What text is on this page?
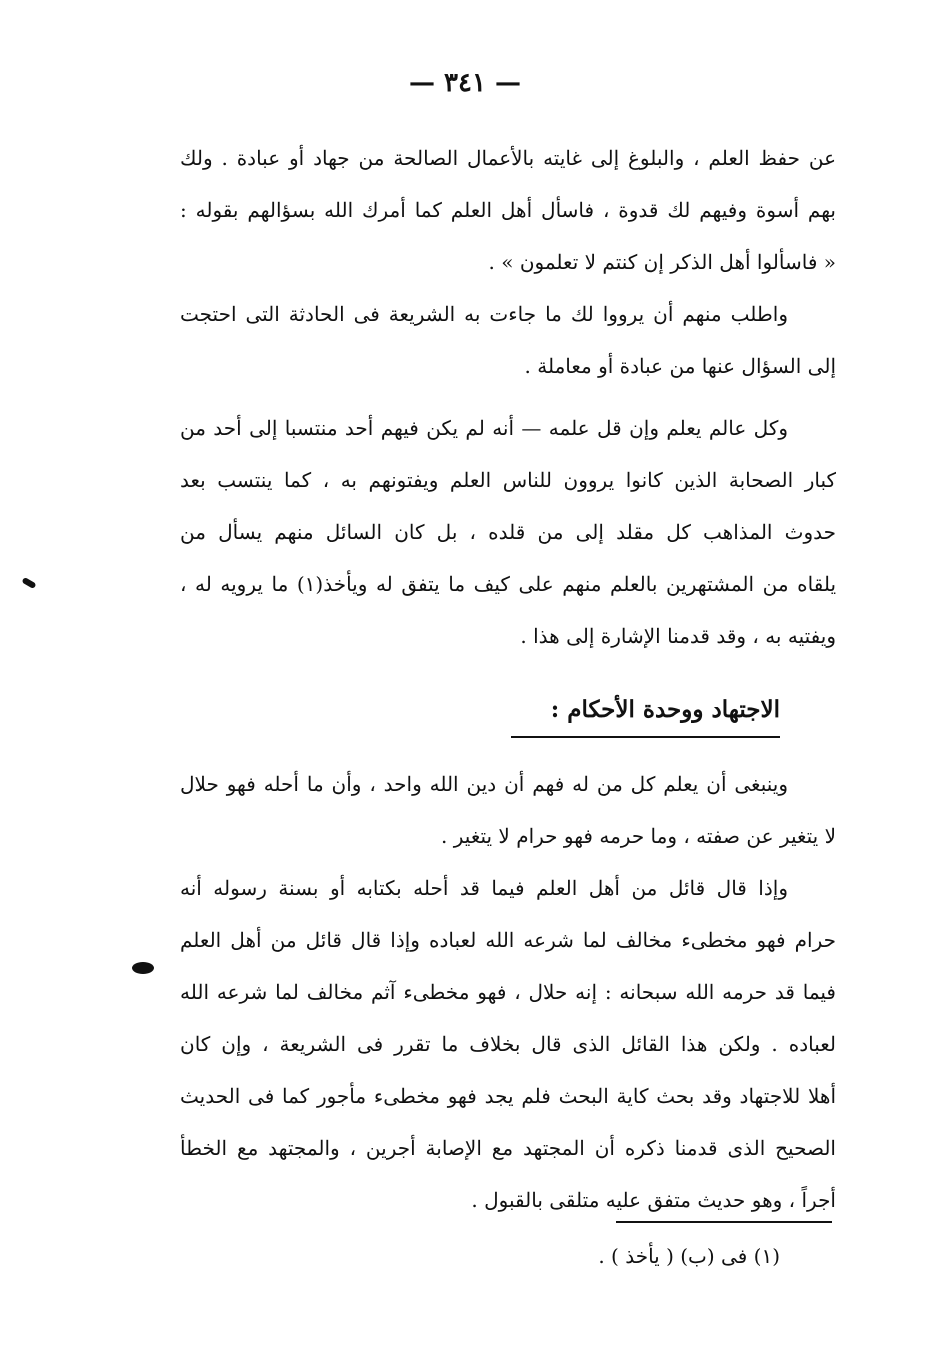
— ٣٤١ —
عن حفظ العلم ، والبلوغ إلى غايته بالأعمال الصالحة من جهاد أو عبادة . ولك
بهم أسوة وفيهم لك قدوة ، فاسأل أهل العلم كما أمرك الله بسؤالهم بقوله :
« فاسألوا أهل الذكر إن كنتم لا تعلمون » .
واطلب منهم أن يرووا لك ما جاءت به الشريعة فى الحادثة التى احتجت
إلى السؤال عنها من عبادة أو معاملة .
وكل عالم يعلم وإن قل علمه — أنه لم يكن فيهم أحد منتسبا إلى أحد من
كبار الصحابة الذين كانوا يروون للناس العلم ويفتونهم به ، كما ينتسب بعد
حدوث المذاهب كل مقلد إلى من قلده ، بل كان السائل منهم يسأل من
يلقاه من المشتهرين بالعلم منهم على كيف ما يتفق له ويأخذ(١) ما يرويه له ،
ويفتيه به ، وقد قدمنا الإشارة إلى هذا .
الاجتهاد ووحدة الأحكام :
وينبغى أن يعلم كل من له فهم أن دين الله واحد ، وأن ما أحله فهو حلال
لا يتغير عن صفته ، وما حرمه فهو حرام لا يتغير .
وإذا قال قائل من أهل العلم فيما قد أحله بكتابه أو بسنة رسوله أنه
حرام فهو مخطىء مخالف لما شرعه الله لعباده وإذا قال قائل من أهل العلم
فيما قد حرمه الله سبحانه : إنه حلال ، فهو مخطىء آثم مخالف لما شرعه الله
لعباده . ولكن هذا القائل الذى قال بخلاف ما تقرر فى الشريعة ، وإن كان
أهلا للاجتهاد وقد بحث كاية البحث فلم يجد فهو مخطىء مأجور كما فى الحديث
الصحيح الذى قدمنا ذكره أن المجتهد مع الإصابة أجرين ، والمجتهد مع الخطأ
أجراً ، وهو حديث متفق عليه متلقى بالقبول .
(١) فى (ب) ( يأخذ ) .
